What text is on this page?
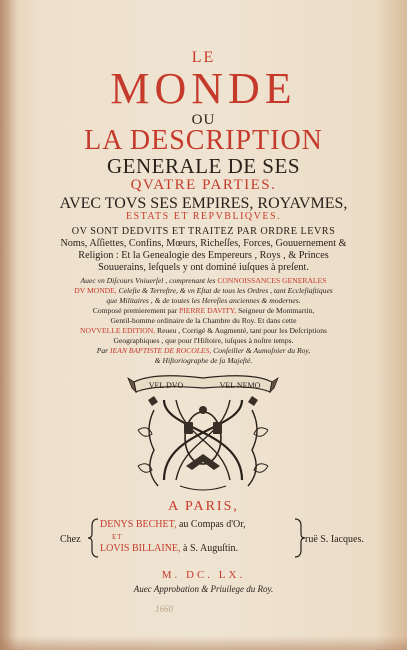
LE
MONDE
OU
LA DESCRIPTION
GENERALE DE SES
QVATRE PARTIES.
AVEC TOVS SES EMPIRES, ROYAVMES,
ESTATS ET REPVBLIQVES.
OV SONT DEDVITS ET TRAITEZ PAR ORDRE LEVRS
Noms, Aſſiettes, Confins, Mœurs, Richeſſes, Forces, Gouuernement &
Religion : Et la Genealogie des Empereurs , Roys , & Princes
Souuerains, leſquels y ont dominé iuſques à preſent.
Auec vn Diſcours Vniuerſel , comprenant les CONNOISSANCES GENERALES
DV MONDE, Celeſte & Terreſtre, & vn Eſtat de tous les Ordres , tant Eccleſiaſtiques
que Militaires , & de toutes les Hereſies anciennes & modernes.
Composé premierement par PIERRE DAVITY, Seigneur de Montmartin,
Gentil-homme ordinaire de la Chambre du Roy. Et dans cette
NOVVELLE EDITION, Reueu , Corrigé & Augmenté, tant pour les Deſcriptions
Geographiques , que pour l'Hiſtoire, iuſques à noſtre temps.
Par IEAN BAPTISTE DE ROCOLES, Conſeiller & Aumoſnier du Roy,
& Hiſtoriographe de ſa Majeſté.
VEL DVO	VEL NEMO
A PARIS,
Chez
DENYS BECHET, au Compas d'Or,
ET
LOVIS BILLAINE, à S. Auguſtin.
ruë S. Iacques.
M. DC. LX.
Auec Approbation & Priuilege du Roy.
1660
